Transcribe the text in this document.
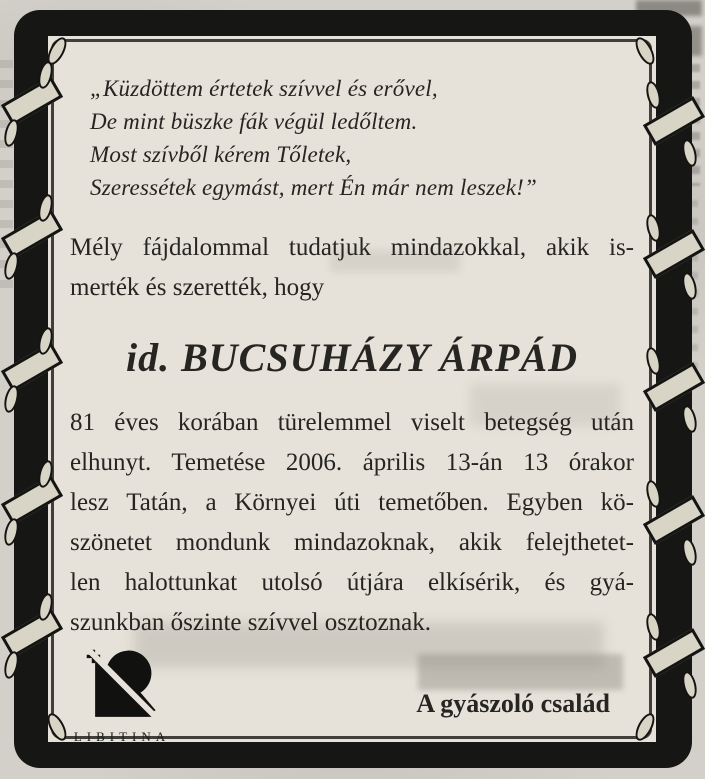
„Küzdöttem értetek szívvel és erővel,
De mint büszke fák végül ledőltem.
Most szívből kérem Tőletek,
Szeressétek egymást, mert Én már nem leszek!”
Mély fájdalommal tudatjuk mindazokkal, akik is-
merték és szerették, hogy
id. BUCSUHÁZY ÁRPÁD
81 éves korában türelemmel viselt betegség után
elhunyt. Temetése 2006. április 13-án 13 órakor
lesz Tatán, a Környei úti temetőben. Egyben kö-
szönetet mondunk mindazoknak, akik felejthetet-
len halottunkat utolsó útjára elkísérik, és gyá-
szunkban őszinte szívvel osztoznak.
LIBITINA
A gyászoló család
